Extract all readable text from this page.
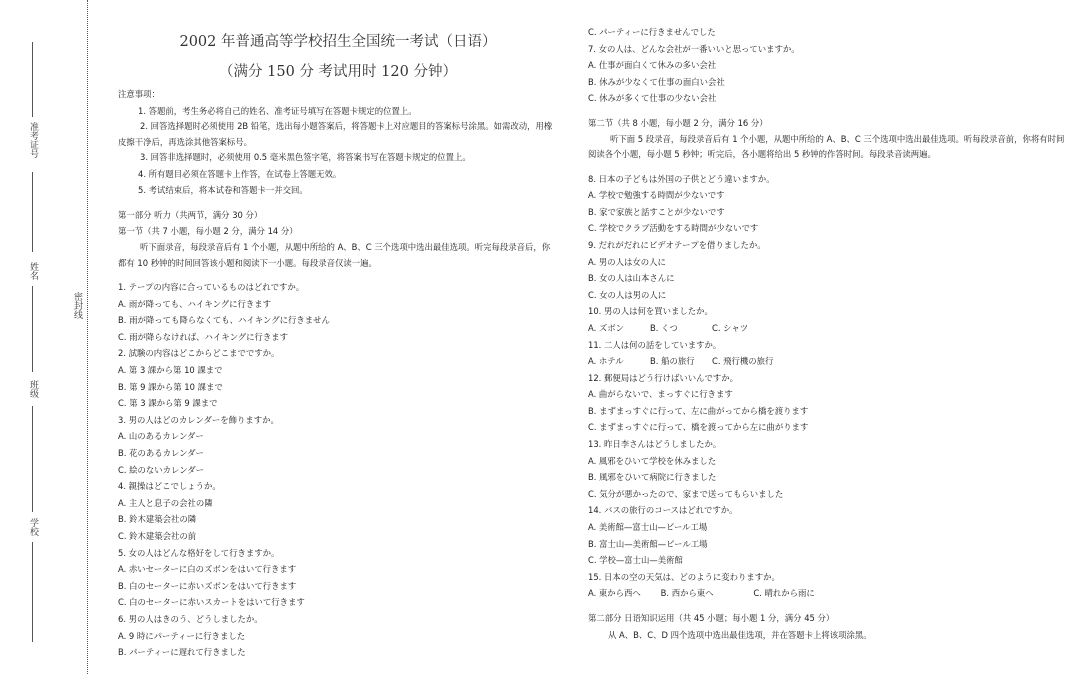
准考证号
姓名
密封线
班级
学校
2002 年普通高等学校招生全国统一考试（日语）
（满分 150 分 考试用时 120 分钟）
注意事项：
1. 答题前，考生务必将自己的姓名、准考证号填写在答题卡规定的位置上。
2. 回答选择题时必须使用 2B 铅笔，选出每小题答案后，将答题卡上对应题目的答案标号涂黑。如需改动，用橡皮擦干净后，再选涂其他答案标号。
3. 回答非选择题时，必须使用 0.5 毫米黑色签字笔，将答案书写在答题卡规定的位置上。
4. 所有题目必须在答题卡上作答，在试卷上答题无效。
5. 考试结束后，将本试卷和答题卡一并交回。
第一部分 听力（共两节，满分 30 分）
第一节（共 7 小题，每小题 2 分，满分 14 分）
听下面录音，每段录音后有 1 个小题，从题中所给的 A、B、C 三个选项中选出最佳选项。听完每段录音后，你都有 10 秒钟的时间回答该小题和阅读下一小题。每段录音仅读一遍。
1. テープの内容に合っているものはどれですか。
A. 雨が降っても、ハイキングに行きます
B. 雨が降っても降らなくても、ハイキングに行きません
C. 雨が降らなければ、ハイキングに行きます
2. 試験の内容はどこからどこまでですか。
A. 第 3 課から第 10 課まで
B. 第 9 課から第 10 課まで
C. 第 3 課から第 9 課まで
3. 男の人はどのカレンダーを飾りますか。
A. 山のあるカレンダー
B. 花のあるカレンダー
C. 絵のないカレンダー
4. 親操はどこでしょうか。
A. 主人と息子の会社の隣
B. 鈴木建築会社の隣
C. 鈴木建築会社の前
5. 女の人はどんな格好をして行きますか。
A. 赤いセーターに白のズボンをはいて行きます
B. 白のセーターに赤いズボンをはいて行きます
C. 白のセーターに赤いスカートをはいて行きます
6. 男の人はきのう、どうしましたか。
A. 9 時にパーティーに行きました
B. パーティーに遅れて行きました
C. パーティーに行きませんでした
7. 女の人は、どんな会社が一番いいと思っていますか。
A. 仕事が面白くて休みの多い会社
B. 休みが少なくて仕事の面白い会社
C. 休みが多くて仕事の少ない会社
第二节（共 8 小题，每小题 2 分，满分 16 分）
听下面 5 段录音，每段录音后有 1 个小题，从题中所给的 A、B、C 三个选项中选出最佳选项。听每段录音前，你将有时间阅读各个小题，每小题 5 秒钟；听完后，各小题将给出 5 秒钟的作答时间。每段录音读两遍。
8. 日本の子どもは外国の子供とどう違いますか。
A. 学校で勉強する時間が少ないです
B. 家で家族と話すことが少ないです
C. 学校でクラブ活動をする時間が少ないです
9. だれがだれにビデオテープを借りましたか。
A. 男の人は女の人に
B. 女の人は山本さんに
C. 女の人は男の人に
10. 男の人は何を買いましたか。
A. ズボン	B. くつ	C. シャツ
11. 二人は何の話をしていますか。
A. ホテル	B. 船の旅行 C. 飛行機の旅行
12. 郵便局はどう行けばいいんですか。
A. 曲がらないで、まっすぐに行きます
B. まずまっすぐに行って、左に曲がってから橋を渡ります
C. まずまっすぐに行って、橋を渡ってから左に曲がります
13. 昨日李さんはどうしましたか。
A. 風邪をひいて学校を休みました
B. 風邪をひいて病院に行きました
C. 気分が悪かったので、家まで送ってもらいました
14. バスの旅行のコースはどれですか。
A. 美術館—富士山—ビール工場
B. 富士山—美術館—ビール工場
C. 学校—富士山—美術館
15. 日本の空の天気は、どのように変わりますか。
A. 東から西へ B. 西から東へ	C. 晴れから雨に
第二部分 日语知识运用（共 45 小题；每小题 1 分，满分 45 分）
从 A、B、C、D 四个选项中选出最佳选项，并在答题卡上将该项涂黑。
